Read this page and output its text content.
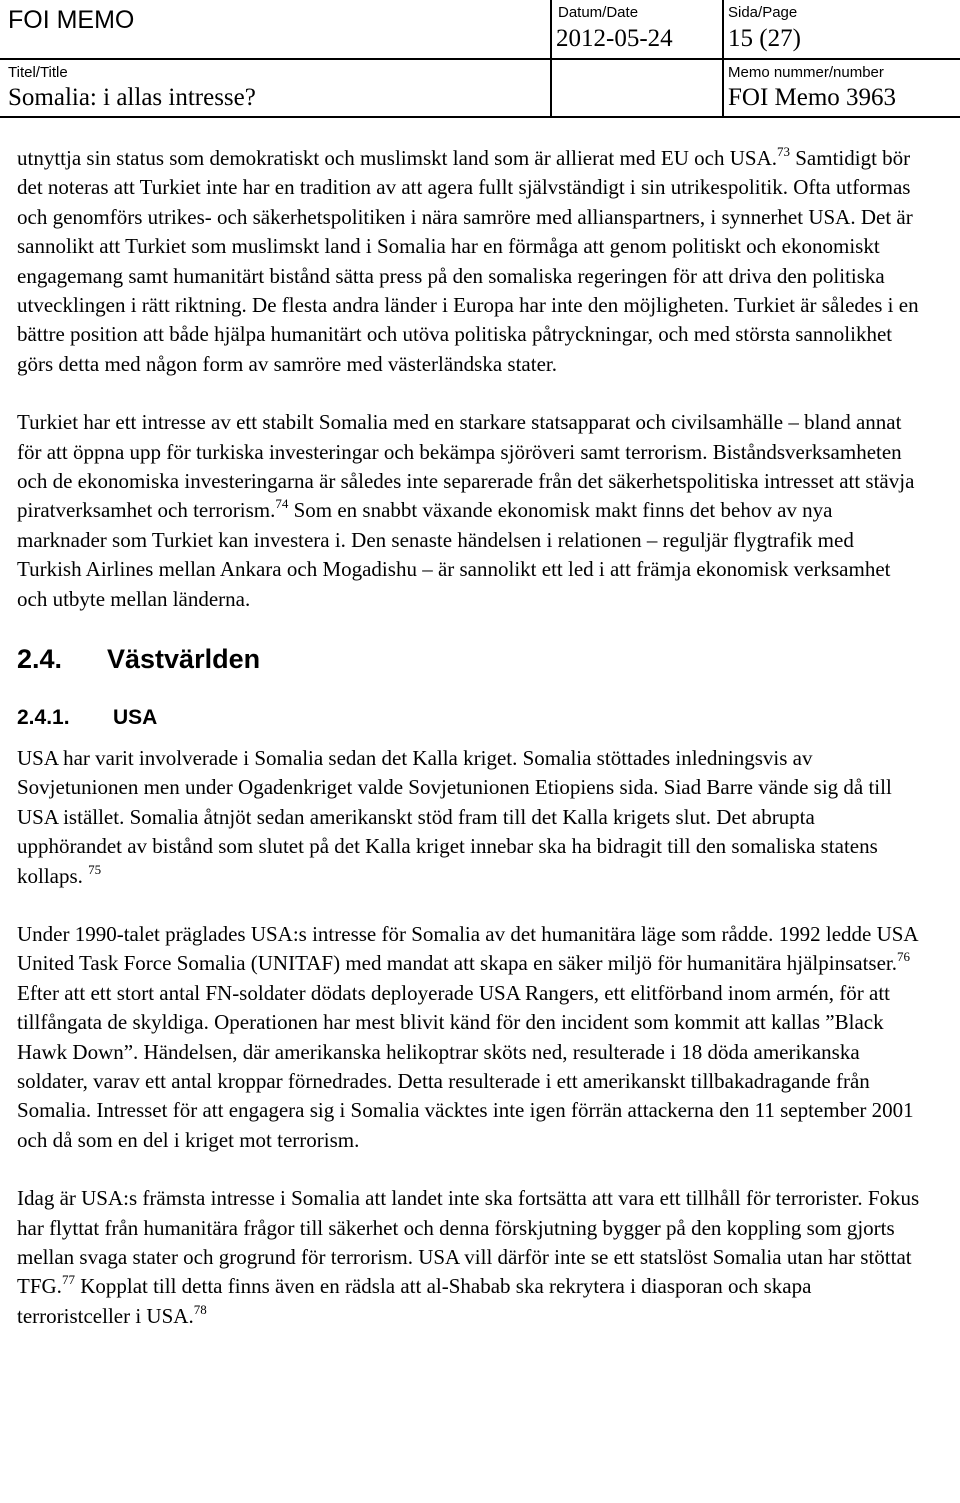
FOI MEMO
Titel/Title
Somalia: i allas intresse?
Datum/Date
2012-05-24
Sida/Page
15 (27)
Memo nummer/number
FOI Memo 3963

utnyttja sin status som demokratiskt och muslimskt land som är allierat med EU och USA.$^{73}$ Samtidigt bör det noteras att Turkiet inte har en tradition av att agera fullt självständigt i sin utrikespolitik. Ofta utformas och genomförs utrikes- och säkerhetspolitiken i nära samröre med allianspartners, i synnerhet USA. Det är sannolikt att Turkiet som muslimskt land i Somalia har en förmåga att genom politiskt och ekonomiskt engagemang samt humanitärt bistånd sätta press på den somaliska regeringen för att driva den politiska utvecklingen i rätt riktning. De flesta andra länder i Europa har inte den möjligheten. Turkiet är således i en bättre position att både hjälpa humanitärt och utöva politiska påtryckningar, och med största sannolikhet görs detta med någon form av samröre med västerländska stater.

Turkiet har ett intresse av ett stabilt Somalia med en starkare statsapparat och civilsamhälle – bland annat för att öppna upp för turkiska investeringar och bekämpa sjöröveri samt terrorism. Biståndsverksamheten och de ekonomiska investeringarna är således inte separerade från det säkerhetspolitiska intresset att stävja piratverksamhet och terrorism.$^{74}$ Som en snabbt växande ekonomisk makt finns det behov av nya marknader som Turkiet kan investera i. Den senaste händelsen i relationen – reguljär flygtrafik med Turkish Airlines mellan Ankara och Mogadishu – är sannolikt ett led i att främja ekonomisk verksamhet och utbyte mellan länderna.

2.4. Västvärlden
2.4.1. USA

USA har varit involverade i Somalia sedan det Kalla kriget. Somalia stöttades inledningsvis av Sovjetunionen men under Ogadenkriget valde Sovjetunionen Etiopiens sida. Siad Barre vände sig då till USA istället. Somalia åtnjöt sedan amerikanskt stöd fram till det Kalla krigets slut. Det abrupta upphörandet av bistånd som slutet på det Kalla kriget innebar ska ha bidragit till den somaliska statens kollaps. $^{75}$

Under 1990-talet präglades USA:s intresse för Somalia av det humanitära läge som rådde. 1992 ledde USA United Task Force Somalia (UNITAF) med mandat att skapa en säker miljö för humanitära hjälpinsatser.$^{76}$ Efter att ett stort antal FN-soldater dödats deployerade USA Rangers, ett elitförband inom armén, för att tillfångata de skyldiga. Operationen har mest blivit känd för den incident som kommit att kallas ”Black Hawk Down”. Händelsen, där amerikanska helikoptrar sköts ned, resulterade i 18 döda amerikanska soldater, varav ett antal kroppar förnedrades. Detta resulterade i ett amerikanskt tillbakadragande från Somalia. Intresset för att engagera sig i Somalia väcktes inte igen förrän attackerna den 11 september 2001 och då som en del i kriget mot terrorism.

Idag är USA:s främsta intresse i Somalia att landet inte ska fortsätta att vara ett tillhåll för terrorister. Fokus har flyttat från humanitära frågor till säkerhet och denna förskjutning bygger på den koppling som gjorts mellan svaga stater och grogrund för terrorism. USA vill därför inte se ett statslöst Somalia utan har stöttat TFG.$^{77}$ Kopplat till detta finns även en rädsla att al-Shabab ska rekrytera i diasporan och skapa terroristceller i USA.$^{78}$
